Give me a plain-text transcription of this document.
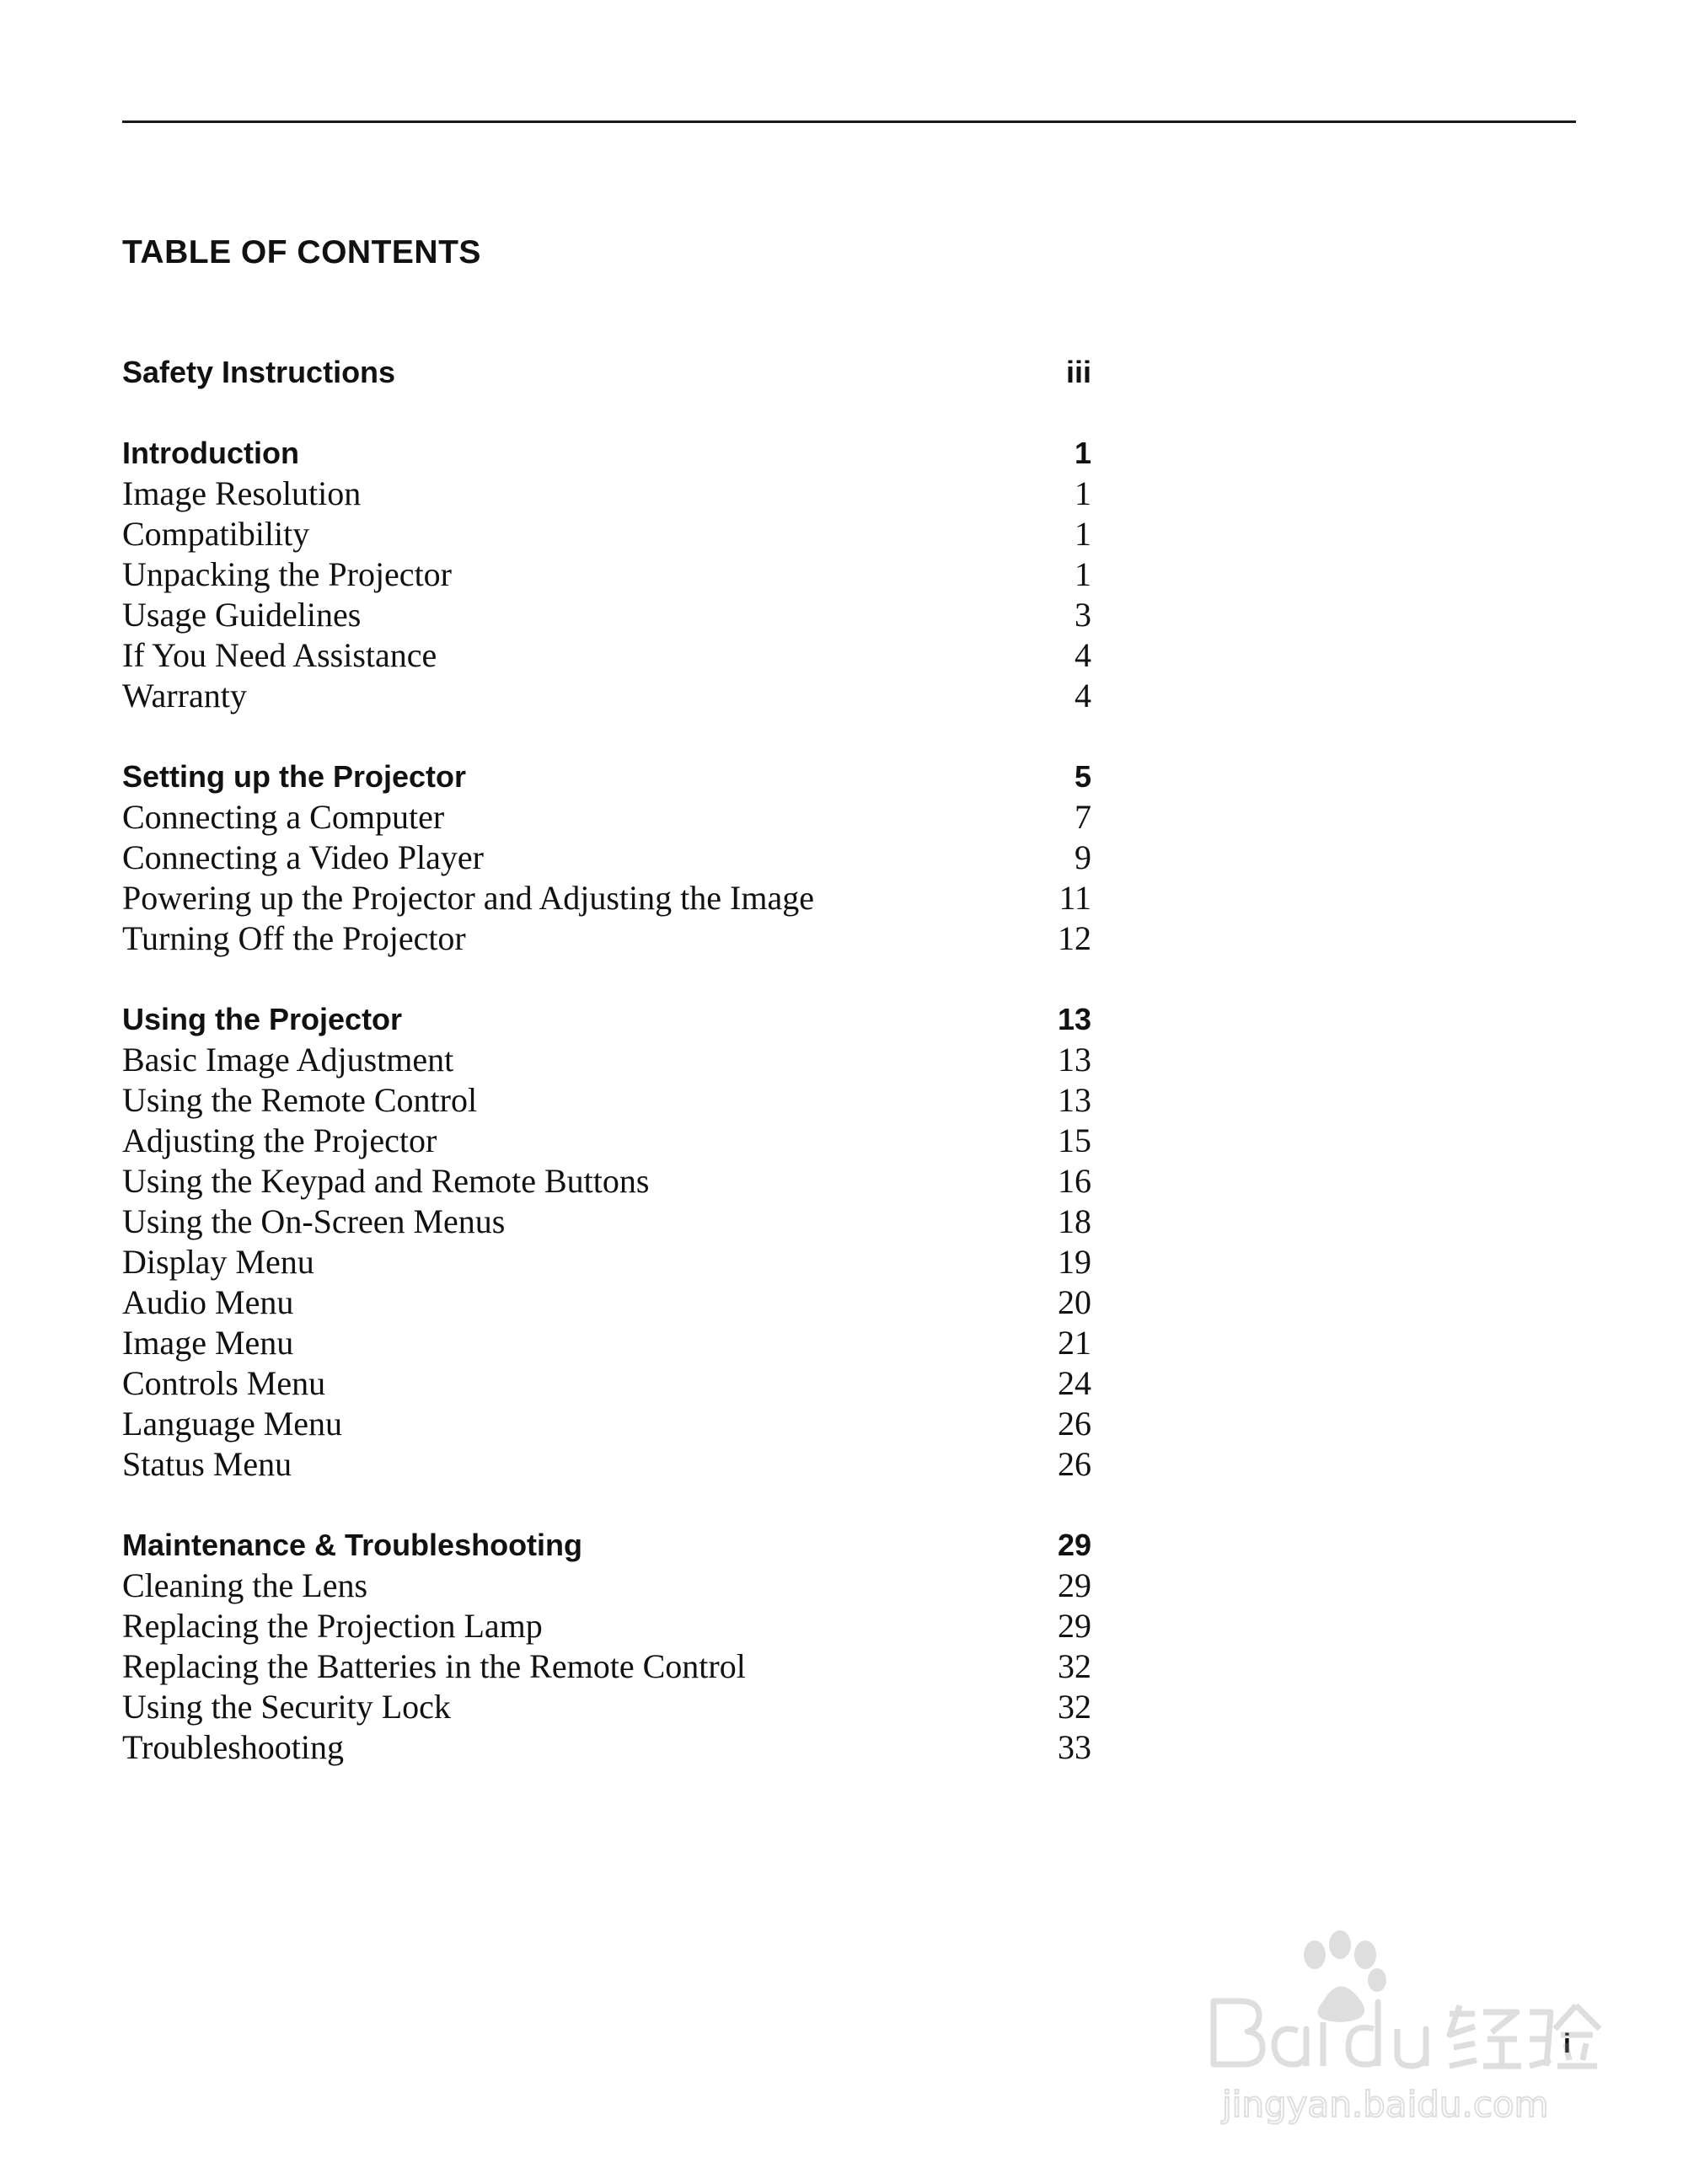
TABLE OF CONTENTS
Safety Instructions	iii
Introduction	1
Image Resolution	1
Compatibility	1
Unpacking the Projector	1
Usage Guidelines	3
If You Need Assistance	4
Warranty	4
Setting up the Projector	5
Connecting a Computer	7
Connecting a Video Player	9
Powering up the Projector and Adjusting the Image	11
Turning Off the Projector	12
Using the Projector	13
Basic Image Adjustment	13
Using the Remote Control	13
Adjusting the Projector	15
Using the Keypad and Remote Buttons	16
Using the On-Screen Menus	18
Display Menu	19
Audio Menu	20
Image Menu	21
Controls Menu	24
Language Menu	26
Status Menu	26
Maintenance & Troubleshooting	29
Cleaning the Lens	29
Replacing the Projection Lamp	29
Replacing the Batteries in the Remote Control	32
Using the Security Lock	32
Troubleshooting	33
i
jingyan.baidu.com
